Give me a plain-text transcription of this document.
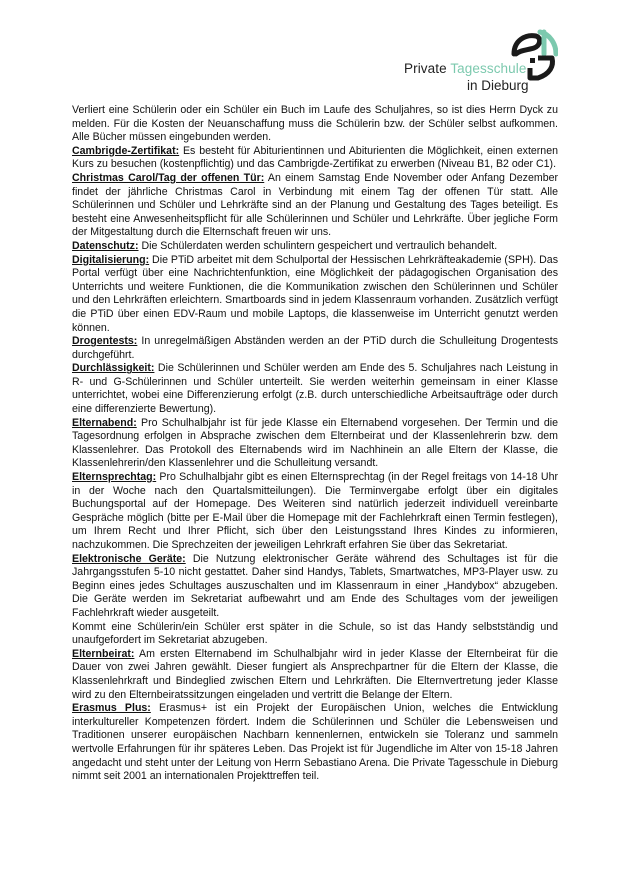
Private Tagesschule
in Dieburg

Verliert eine Schülerin oder ein Schüler ein Buch im Laufe des Schuljahres, so ist dies Herrn Dyck zu melden. Für die Kosten der Neuanschaffung muss die Schülerin bzw. der Schüler selbst aufkommen. Alle Bücher müssen eingebunden werden.

Cambrigde-Zertifikat: Es besteht für Abiturientinnen und Abiturienten die Möglichkeit, einen externen Kurs zu besuchen (kostenpflichtig) und das Cambrigde-Zertifikat zu erwerben (Niveau B1, B2 oder C1).

Christmas Carol/Tag der offenen Tür: An einem Samstag Ende November oder Anfang Dezember findet der jährliche Christmas Carol in Verbindung mit einem Tag der offenen Tür statt. Alle Schülerinnen und Schüler und Lehrkräfte sind an der Planung und Gestaltung des Tages beteiligt. Es besteht eine Anwesenheitspflicht für alle Schülerinnen und Schüler und Lehrkräfte. Über jegliche Form der Mitgestaltung durch die Elternschaft freuen wir uns.

Datenschutz: Die Schülerdaten werden schulintern gespeichert und vertraulich behandelt.

Digitalisierung: Die PTiD arbeitet mit dem Schulportal der Hessischen Lehrkräfteakademie (SPH). Das Portal verfügt über eine Nachrichtenfunktion, eine Möglichkeit der pädagogischen Organisation des Unterrichts und weitere Funktionen, die die Kommunikation zwischen den Schülerinnen und Schüler und den Lehrkräften erleichtern. Smartboards sind in jedem Klassenraum vorhanden. Zusätzlich verfügt die PTiD über einen EDV-Raum und mobile Laptops, die klassenweise im Unterricht genutzt werden können.

Drogentests: In unregelmäßigen Abständen werden an der PTiD durch die Schulleitung Drogentests durchgeführt.

Durchlässigkeit: Die Schülerinnen und Schüler werden am Ende des 5. Schuljahres nach Leistung in R- und G-Schülerinnen und Schüler unterteilt. Sie werden weiterhin gemeinsam in einer Klasse unterrichtet, wobei eine Differenzierung erfolgt (z.B. durch unterschiedliche Arbeitsaufträge oder durch eine differenzierte Bewertung).

Elternabend: Pro Schulhalbjahr ist für jede Klasse ein Elternabend vorgesehen. Der Termin und die Tagesordnung erfolgen in Absprache zwischen dem Elternbeirat und der Klassenlehrerin bzw. dem Klassenlehrer. Das Protokoll des Elternabends wird im Nachhinein an alle Eltern der Klasse, die Klassenlehrerin/den Klassenlehrer und die Schulleitung versandt.

Elternsprechtag: Pro Schulhalbjahr gibt es einen Elternsprechtag (in der Regel freitags von 14-18 Uhr in der Woche nach den Quartalsmitteilungen). Die Terminvergabe erfolgt über ein digitales Buchungsportal auf der Homepage. Des Weiteren sind natürlich jederzeit individuell vereinbarte Gespräche möglich (bitte per E-Mail über die Homepage mit der Fachlehrkraft einen Termin festlegen), um Ihrem Recht und Ihrer Pflicht, sich über den Leistungsstand Ihres Kindes zu informieren, nachzukommen. Die Sprechzeiten der jeweiligen Lehrkraft erfahren Sie über das Sekretariat.

Elektronische Geräte: Die Nutzung elektronischer Geräte während des Schultages ist für die Jahrgangsstufen 5-10 nicht gestattet. Daher sind Handys, Tablets, Smartwatches, MP3-Player usw. zu Beginn eines jedes Schultages auszuschalten und im Klassenraum in einer „Handybox“ abzugeben. Die Geräte werden im Sekretariat aufbewahrt und am Ende des Schultages vom der jeweiligen Fachlehrkraft wieder ausgeteilt.

Kommt eine Schülerin/ein Schüler erst später in die Schule, so ist das Handy selbstständig und unaufgefordert im Sekretariat abzugeben.

Elternbeirat: Am ersten Elternabend im Schulhalbjahr wird in jeder Klasse der Elternbeirat für die Dauer von zwei Jahren gewählt. Dieser fungiert als Ansprechpartner für die Eltern der Klasse, die Klassenlehrkraft und Bindeglied zwischen Eltern und Lehrkräften. Die Elternvertretung jeder Klasse wird zu den Elternbeiratssitzungen eingeladen und vertritt die Belange der Eltern.

Erasmus Plus: Erasmus+ ist ein Projekt der Europäischen Union, welches die Entwicklung interkultureller Kompetenzen fördert. Indem die Schülerinnen und Schüler die Lebensweisen und Traditionen unserer europäischen Nachbarn kennenlernen, entwickeln sie Toleranz und sammeln wertvolle Erfahrungen für ihr späteres Leben. Das Projekt ist für Jugendliche im Alter von 15-18 Jahren angedacht und steht unter der Leitung von Herrn Sebastiano Arena. Die Private Tagesschule in Dieburg nimmt seit 2001 an internationalen Projekttreffen teil.
